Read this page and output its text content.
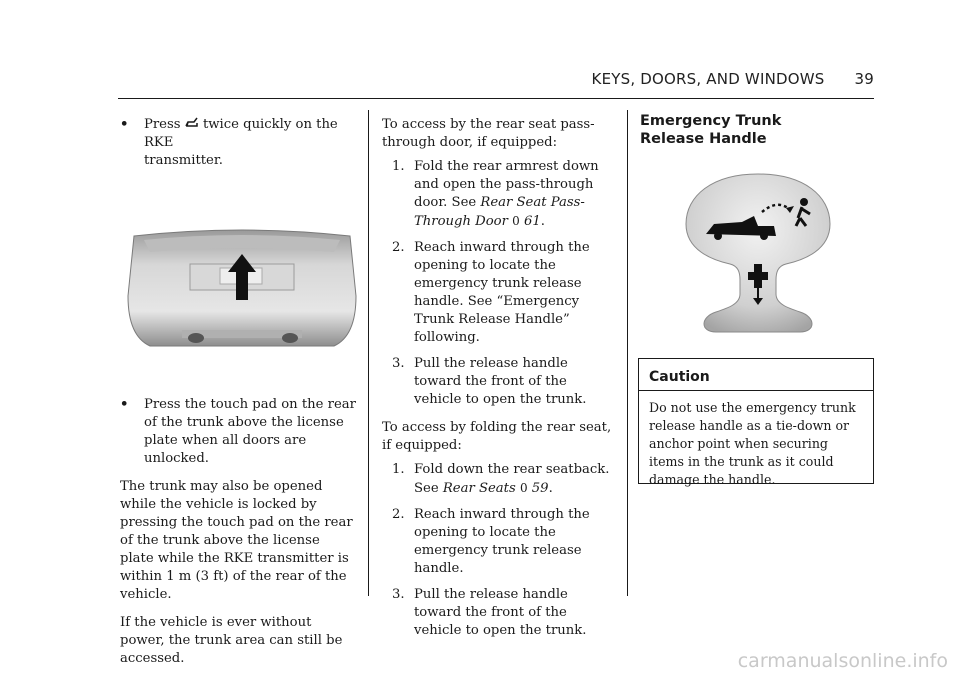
KEYS, DOORS, AND WINDOWS 39
•	Press twice quickly on the RKE
transmitter.
•	Press the touch pad on the rear of the trunk above the license plate when all doors are unlocked.

The trunk may also be opened while the vehicle is locked by pressing the touch pad on the rear of the trunk above the license plate while the RKE transmitter is within 1 m (3 ft) of the rear of the vehicle.

If the vehicle is ever without power, the trunk area can still be accessed.

To access by the rear seat pass-through door, if equipped:

1. Fold the rear armrest down and open the pass-through door. See Rear Seat Pass-Through Door 0 61.
2. Reach inward through the opening to locate the emergency trunk release handle. See “Emergency Trunk Release Handle” following.
3. Pull the release handle toward the front of the vehicle to open the trunk.

To access by folding the rear seat, if equipped:

1. Fold down the rear seatback. See Rear Seats 0 59.
2. Reach inward through the opening to locate the emergency trunk release handle.
3. Pull the release handle toward the front of the vehicle to open the trunk.
Emergency Trunk Release Handle
Caution
Do not use the emergency trunk release handle as a tie-down or anchor point when securing items in the trunk as it could damage the handle.
carmanualsonline.info
